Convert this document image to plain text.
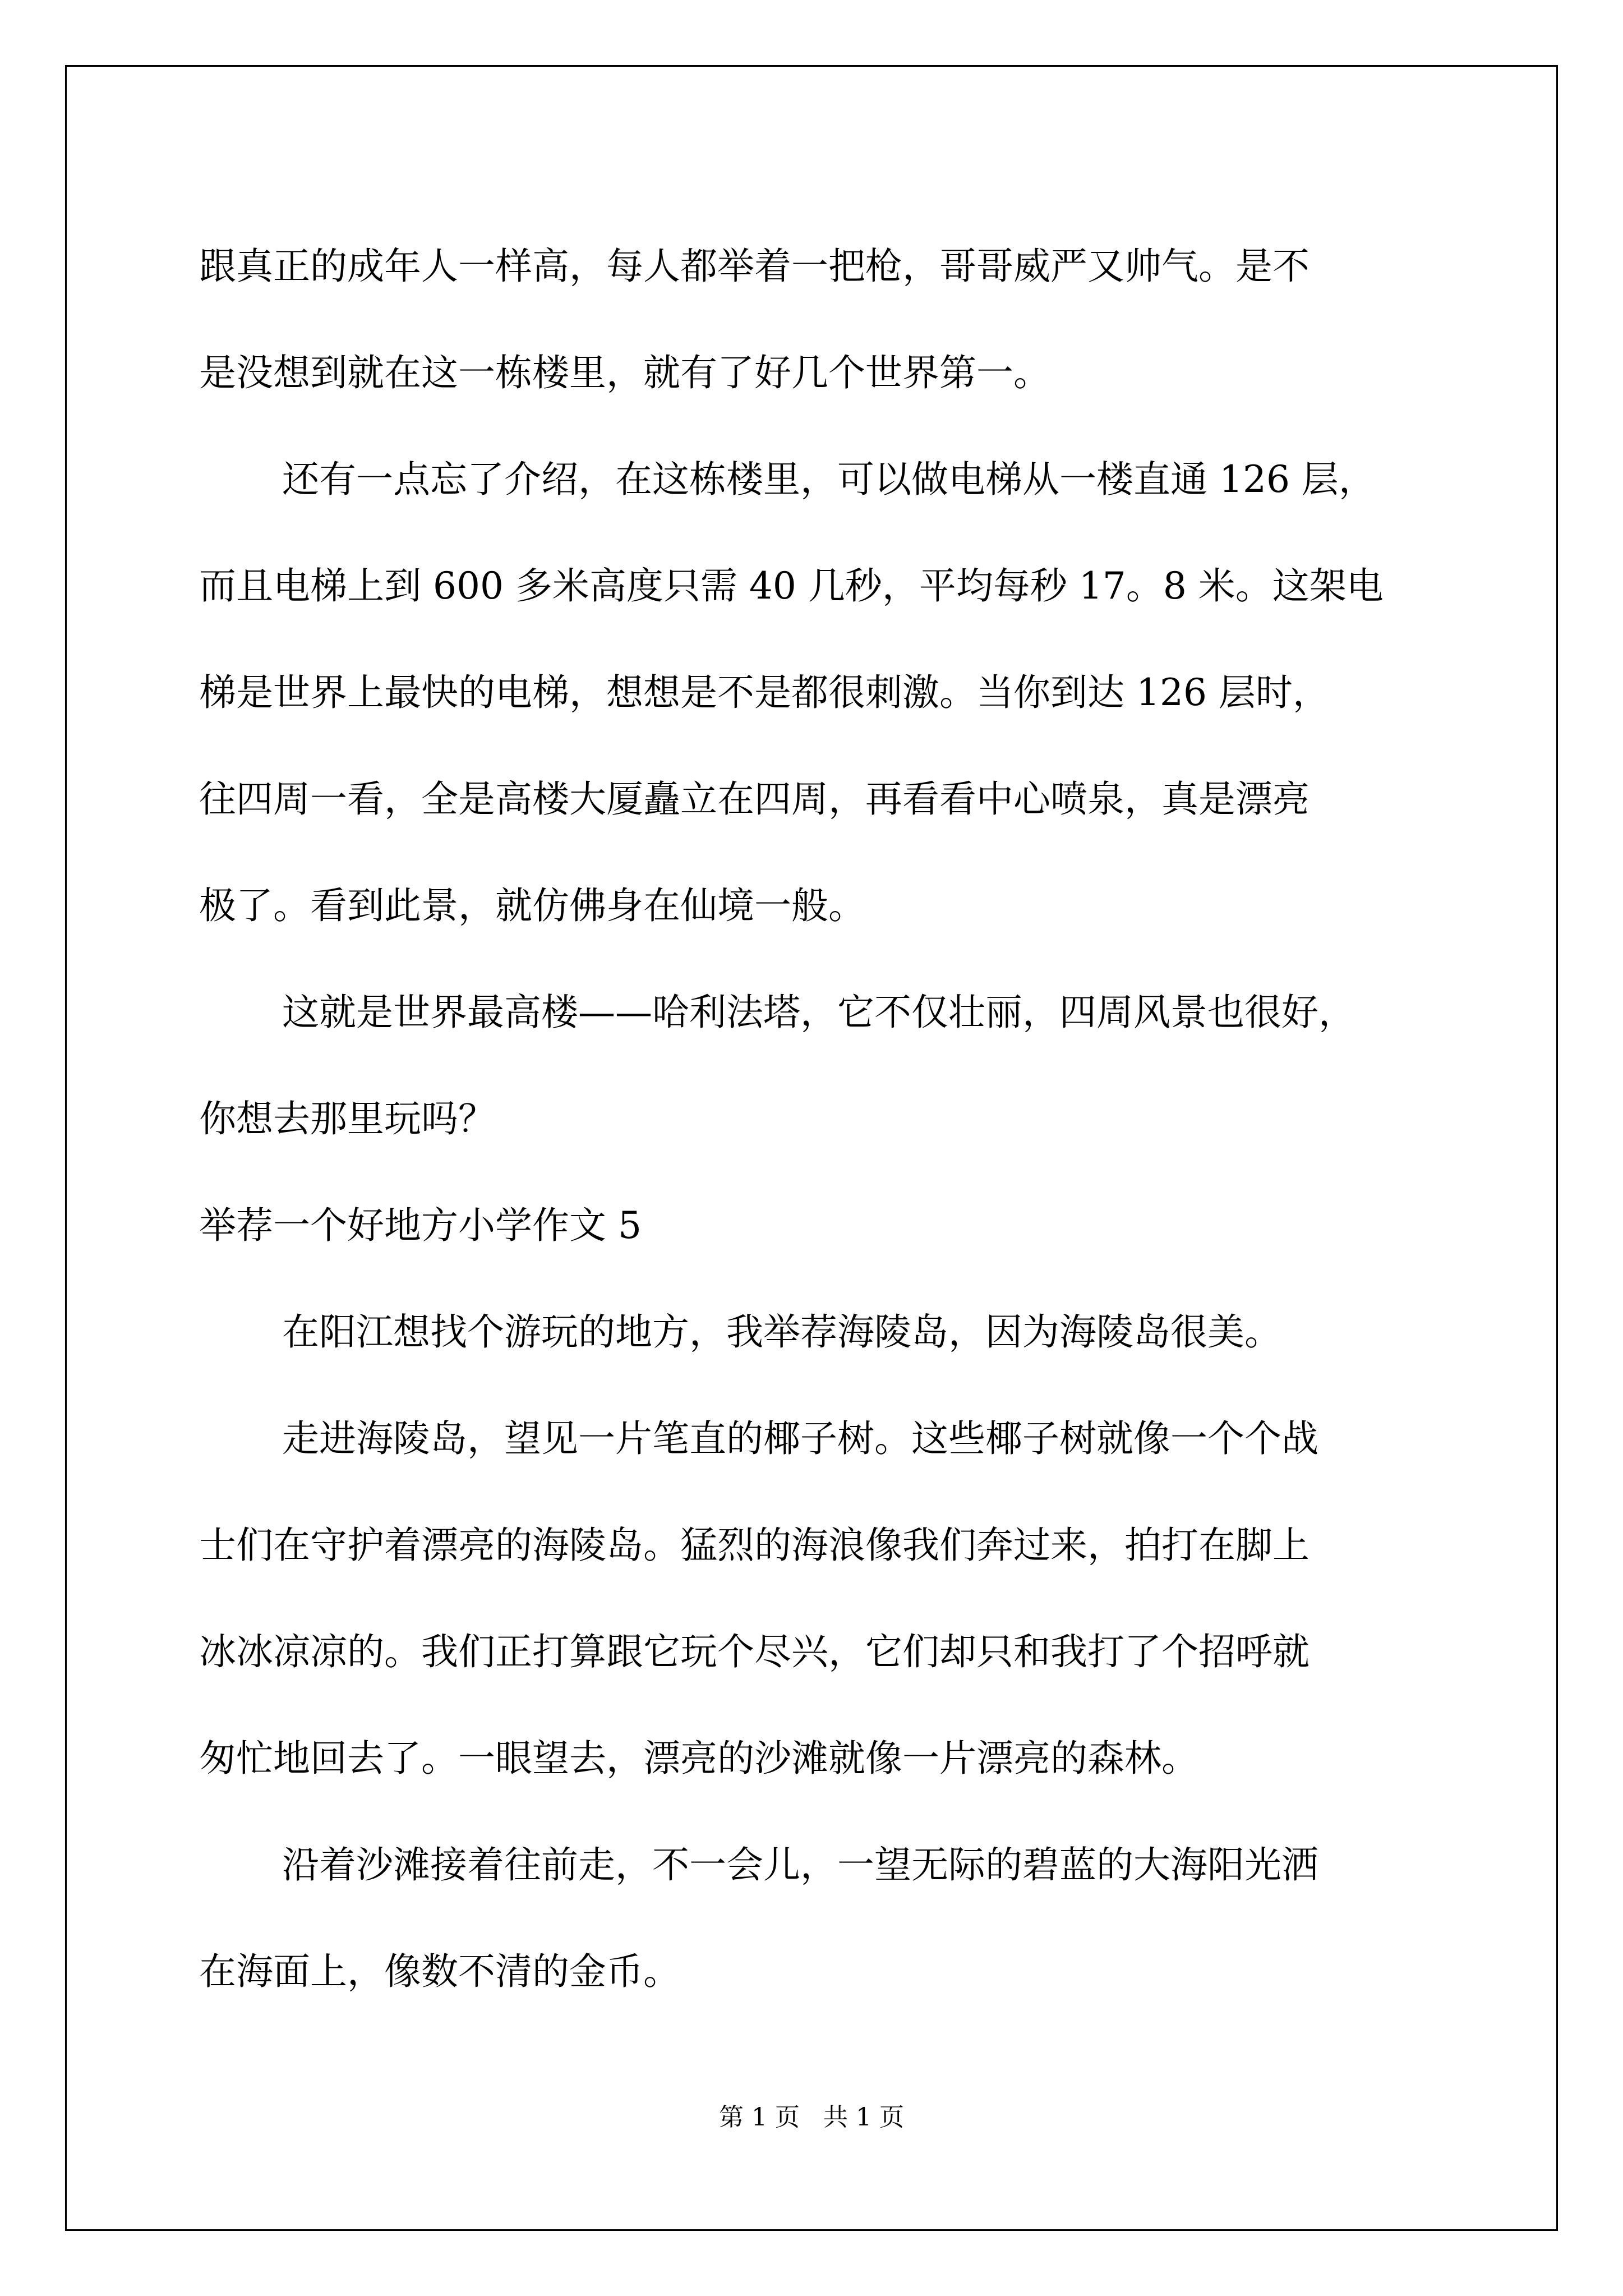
跟真正的成年人一样高，每人都举着一把枪，哥哥威严又帅气。是不
是没想到就在这一栋楼里，就有了好几个世界第一。
还有一点忘了介绍，在这栋楼里，可以做电梯从一楼直通 126 层，
而且电梯上到 600 多米高度只需 40 几秒，平均每秒 17。8 米。这架电
梯是世界上最快的电梯，想想是不是都很刺激。当你到达 126 层时，
往四周一看，全是高楼大厦矗立在四周，再看看中心喷泉，真是漂亮
极了。看到此景，就仿佛身在仙境一般。
这就是世界最高楼——哈利法塔，它不仅壮丽，四周风景也很好，
你想去那里玩吗？
举荐一个好地方小学作文 5
在阳江想找个游玩的地方，我举荐海陵岛，因为海陵岛很美。
走进海陵岛，望见一片笔直的椰子树。这些椰子树就像一个个战
士们在守护着漂亮的海陵岛。猛烈的海浪像我们奔过来，拍打在脚上
冰冰凉凉的。我们正打算跟它玩个尽兴，它们却只和我打了个招呼就
匆忙地回去了。一眼望去，漂亮的沙滩就像一片漂亮的森林。
沿着沙滩接着往前走，不一会儿，一望无际的碧蓝的大海阳光洒
在海面上，像数不清的金币。
第 1 页   共 1 页
